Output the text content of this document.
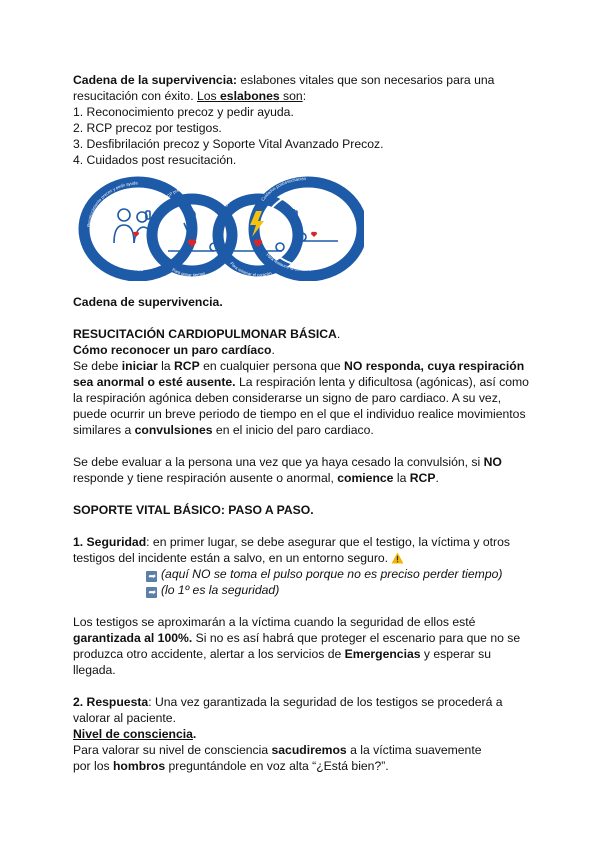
Cadena de la supervivencia: eslabones vitales que son necesarios para una
resucitación con éxito. Los eslabones son:
1. Reconocimiento precoz y pedir ayuda.
2. RCP precoz por testigos.
3. Desfibrilación precoz y Soporte Vital Avanzado Precoz.
4. Cuidados post resucitación.
Reconocimiento precoz y pedir ayuda
Para prevenir la parada cardiaca
RCP precoz
Para ganar tiempo
Desfibrilación precoz
Para reiniciar el corazón
Cuidados postresucitación
Para restaurar la calidad de vida
Cadena de supervivencia.
RESUCITACIÓN CARDIOPULMONAR BÁSICA.
Cómo reconocer un paro cardíaco.
Se debe iniciar la RCP en cualquier persona que NO responda, cuya respiración
sea anormal o esté ausente. La respiración lenta y dificultosa (agónicas), así como
la respiración agónica deben considerarse un signo de paro cardiaco. A su vez,
puede ocurrir un breve periodo de tiempo en el que el individuo realice movimientos
similares a convulsiones en el inicio del paro cardiaco.
Se debe evaluar a la persona una vez que ya haya cesado la convulsión, si NO
responde y tiene respiración ausente o anormal, comience la RCP.
SOPORTE VITAL BÁSICO: PASO A PASO.
1. Seguridad: en primer lugar, se debe asegurar que el testigo, la víctima y otros
testigos del incidente están a salvo, en un entorno seguro.
➡ (aquí NO se toma el pulso porque no es preciso perder tiempo)
➡ (lo 1º es la seguridad)
Los testigos se aproximarán a la víctima cuando la seguridad de ellos esté
garantizada al 100%. Si no es así habrá que proteger el escenario para que no se
produzca otro accidente, alertar a los servicios de Emergencias y esperar su
llegada.
2. Respuesta: Una vez garantizada la seguridad de los testigos se procederá a
valorar al paciente.
Nivel de consciencia.
Para valorar su nivel de consciencia sacudiremos a la víctima suavemente
por los hombros preguntándole en voz alta “¿Está bien?”.
